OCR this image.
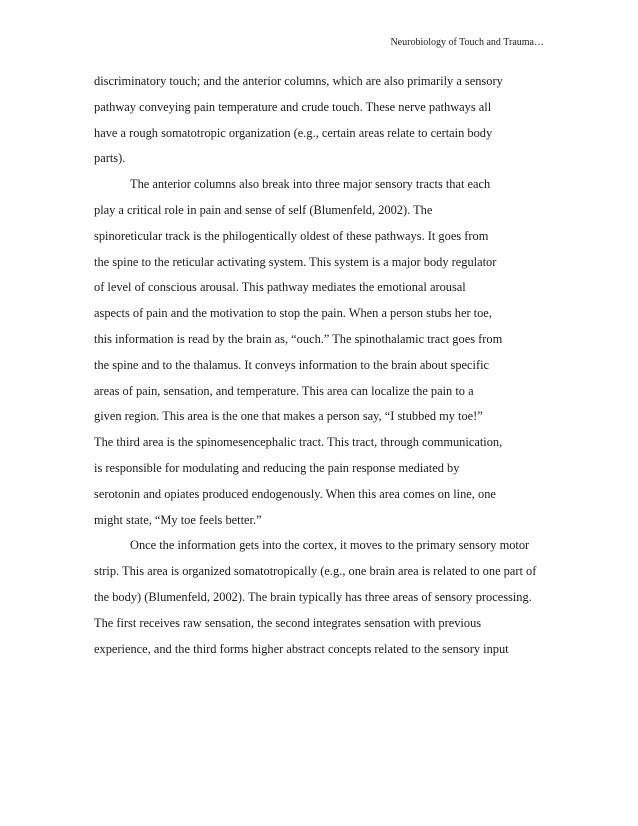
Neurobiology of Touch and Trauma…
discriminatory touch; and the anterior columns, which are also primarily a sensory
pathway conveying pain temperature and crude touch. These nerve pathways all
have a rough somatotropic organization (e.g., certain areas relate to certain body
parts).
The anterior columns also break into three major sensory tracts that each
play a critical role in pain and sense of self (Blumenfeld, 2002). The
spinoreticular track is the philogentically oldest of these pathways. It goes from
the spine to the reticular activating system. This system is a major body regulator
of level of conscious arousal. This pathway mediates the emotional arousal
aspects of pain and the motivation to stop the pain. When a person stubs her toe,
this information is read by the brain as, “ouch.” The spinothalamic tract goes from
the spine and to the thalamus. It conveys information to the brain about specific
areas of pain, sensation, and temperature. This area can localize the pain to a
given region. This area is the one that makes a person say, “I stubbed my toe!”
The third area is the spinomesencephalic tract. This tract, through communication,
is responsible for modulating and reducing the pain response mediated by
serotonin and opiates produced endogenously. When this area comes on line, one
might state, “My toe feels better.”
Once the information gets into the cortex, it moves to the primary sensory motor
strip. This area is organized somatotropically (e.g., one brain area is related to one part of
the body) (Blumenfeld, 2002). The brain typically has three areas of sensory processing.
The first receives raw sensation, the second integrates sensation with previous
experience, and the third forms higher abstract concepts related to the sensory input
